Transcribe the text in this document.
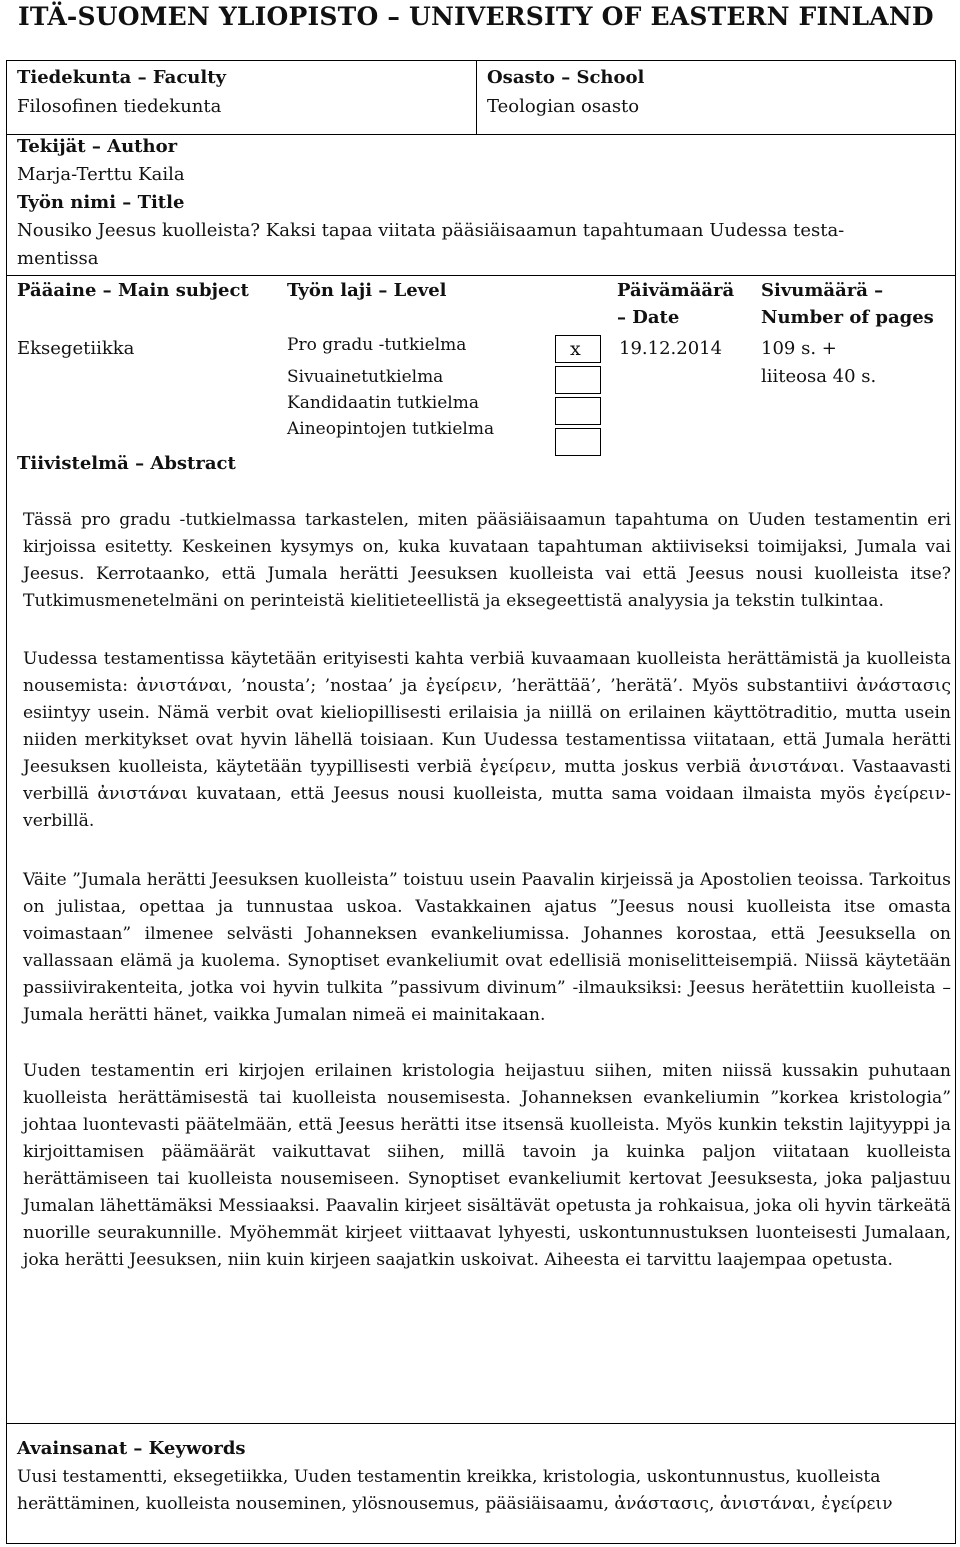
ITÄ-SUOMEN YLIOPISTO – UNIVERSITY OF EASTERN FINLAND
Tiedekunta – Faculty
Filosofinen tiedekunta
Osasto – School
Teologian osasto
Tekijät – Author
Marja-Terttu Kaila
Työn nimi – Title
Nousiko Jeesus kuolleista? Kaksi tapaa viitata pääsiäisaamun tapahtumaan Uudessa testa-
mentissa
Pääaine – Main subject Työn laji – Level	Päivämäärä
– Date
Sivumäärä –
Number of pages
Eksegetiikka	Pro gradu -tutkielma
Sivuainetutkielma
Kandidaatin tutkielma
Aineopintojen tutkielma
x 19.12.2014 109 s. +
liiteosa 40 s.
Tiivistelmä – Abstract

Tässä pro gradu -tutkielmassa tarkastelen, miten pääsiäisaamun tapahtuma on Uuden testamentin eri kirjoissa esitetty. Keskeinen kysymys on, kuka kuvataan tapahtuman aktiiviseksi toimijaksi, Jumala vai Jeesus. Kerrotaanko, että Jumala herätti Jeesuksen kuolleista vai että Jeesus nousi kuolleista itse? Tutkimusmenetelmäni on perinteistä kielitieteellistä ja eksegeettistä analyysia ja tekstin tulkintaa.

Uudessa testamentissa käytetään erityisesti kahta verbiä kuvaamaan kuolleista herättämistä ja kuolleista nousemista: ἀνιστάναι, ’nousta’; ’nostaa’ ja ἐγείρειν, ’herättää’, ’herätä’. Myös substantiivi ἀνάστασις esiintyy usein. Nämä verbit ovat kieliopillisesti erilaisia ja niillä on erilainen käyttötraditio, mutta usein niiden merkitykset ovat hyvin lähellä toisiaan. Kun Uudessa testamentissa viitataan, että Jumala herätti Jeesuksen kuolleista, käytetään tyypillisesti verbiä ἐγείρειν, mutta joskus verbiä ἀνιστάναι. Vastaavasti verbillä ἀνιστάναι kuvataan, että Jeesus nousi kuolleista, mutta sama voidaan ilmaista myös ἐγείρειν-verbillä.

Väite ”Jumala herätti Jeesuksen kuolleista” toistuu usein Paavalin kirjeissä ja Apostolien teoissa. Tarkoitus on julistaa, opettaa ja tunnustaa uskoa. Vastakkainen ajatus ”Jeesus nousi kuolleista itse omasta voimastaan” ilmenee selvästi Johanneksen evankeliumissa. Johannes korostaa, että Jeesuksella on vallassaan elämä ja kuolema. Synoptiset evankeliumit ovat edellisiä moniselitteisempiä. Niissä käytetään passiivirakenteita, jotka voi hyvin tulkita ”passivum divinum” -ilmauksiksi: Jeesus herätettiin kuolleista – Jumala herätti hänet, vaikka Jumalan nimeä ei mainitakaan.

Uuden testamentin eri kirjojen erilainen kristologia heijastuu siihen, miten niissä kussakin puhutaan kuolleista herättämisestä tai kuolleista nousemisesta. Johanneksen evankeliumin ”korkea kristologia” johtaa luontevasti päätelmään, että Jeesus herätti itse itsensä kuolleista. Myös kunkin tekstin lajityyppi ja kirjoittamisen päämäärät vaikuttavat siihen, millä tavoin ja kuinka paljon viitataan kuolleista herättämiseen tai kuolleista nousemiseen. Synoptiset evankeliumit kertovat Jeesuksesta, joka paljastuu Jumalan lähettämäksi Messiaaksi. Paavalin kirjeet sisältävät opetusta ja rohkaisua, joka oli hyvin tärkeätä nuorille seurakunnille. Myöhemmät kirjeet viittaavat lyhyesti, uskontunnustuksen luonteisesti Jumalaan, joka herätti Jeesuksen, niin kuin kirjeen saajatkin uskoivat. Aiheesta ei tarvittu laajempaa opetusta.

Avainsanat – Keywords
Uusi testamentti, eksegetiikka, Uuden testamentin kreikka, kristologia, uskontunnustus, kuolleista
herättäminen, kuolleista nouseminen, ylösnousemus, pääsiäisaamu, ἀνάστασις, ἀνιστάναι, ἐγείρειν
